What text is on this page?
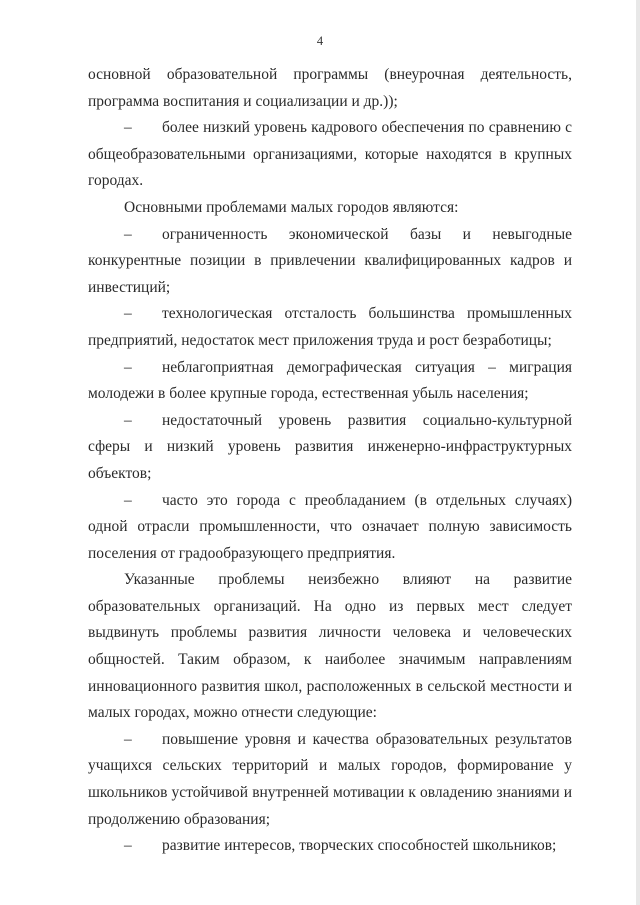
4

основной образовательной программы (внеурочная деятельность, программа воспитания и социализации и др.));

– более низкий уровень кадрового обеспечения по сравнению с общеобразовательными организациями, которые находятся в крупных городах.

Основными проблемами малых городов являются:

– ограниченность экономической базы и невыгодные конкурентные позиции в привлечении квалифицированных кадров и инвестиций;

– технологическая отсталость большинства промышленных предприятий, недостаток мест приложения труда и рост безработицы;

– неблагоприятная демографическая ситуация – миграция молодежи в более крупные города, естественная убыль населения;

– недостаточный уровень развития социально-культурной сферы и низкий уровень развития инженерно-инфраструктурных объектов;

– часто это города с преобладанием (в отдельных случаях) одной отрасли промышленности, что означает полную зависимость поселения от градообразующего предприятия.

Указанные проблемы неизбежно влияют на развитие образовательных организаций. На одно из первых мест следует выдвинуть проблемы развития личности человека и человеческих общностей. Таким образом, к наиболее значимым направлениям инновационного развития школ, расположенных в сельской местности и малых городах, можно отнести следующие:

– повышение уровня и качества образовательных результатов учащихся сельских территорий и малых городов, формирование у школьников устойчивой внутренней мотивации к овладению знаниями и продолжению образования;

– развитие интересов, творческих способностей школьников;
